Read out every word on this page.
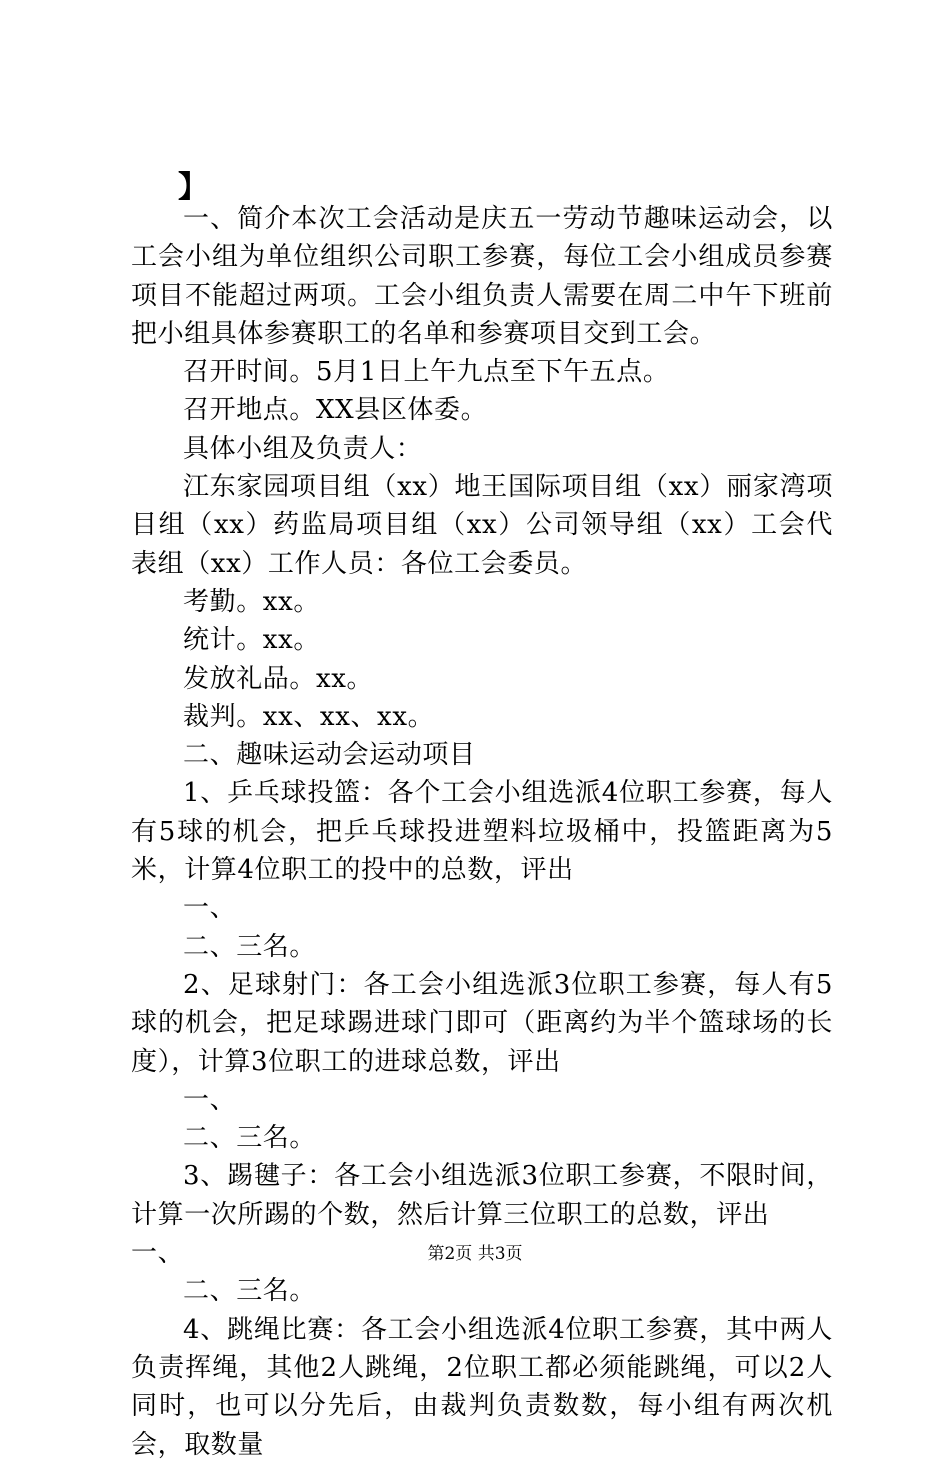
】

一、简介本次工会活动是庆五一劳动节趣味运动会，以工会小组为单位组织公司职工参赛，每位工会小组成员参赛项目不能超过两项。工会小组负责人需要在周二中午下班前把小组具体参赛职工的名单和参赛项目交到工会。

召开时间。5月1日上午九点至下午五点。

召开地点。XX县区体委。

具体小组及负责人：

江东家园项目组（xx）地王国际项目组（xx）丽家湾项目组（xx）药监局项目组（xx）公司领导组（xx）工会代表组（xx）工作人员：各位工会委员。

考勤。xx。

统计。xx。

发放礼品。xx。

裁判。xx、xx、xx。

二、趣味运动会运动项目

1、乒乓球投篮：各个工会小组选派4位职工参赛，每人有5球的机会，把乒乓球投进塑料垃圾桶中，投篮距离为5米，计算4位职工的投中的总数，评出

一、

二、三名。

2、足球射门：各工会小组选派3位职工参赛，每人有5球的机会，把足球踢进球门即可（距离约为半个篮球场的长度），计算3位职工的进球总数，评出

一、

二、三名。

3、踢毽子：各工会小组选派3位职工参赛，不限时间，计算一次所踢的个数，然后计算三位职工的总数，评出

一、

二、三名。

4、跳绳比赛：各工会小组选派4位职工参赛，其中两人负责挥绳，其他2人跳绳，2位职工都必须能跳绳，可以2人同时，也可以分先后，由裁判负责数数，每小组有两次机会，取数量

第2页 共3页
